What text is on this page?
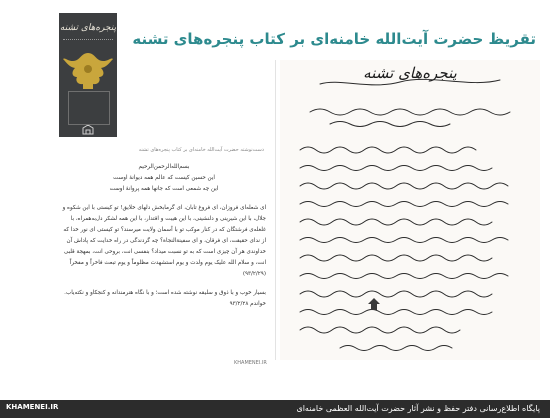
تقریظ حضرت آیت‌الله خامنه‌ای بر کتاب پنجره‌های تشنه
پنجره‌های تشنه
دست‌نوشته حضرت آیت‌الله خامنه‌ای بر کتاب پنجره‌های تشنه

بسم‌الله‌الرحمن‌الرحیم

این حسین کیست که عالم همه دیوانهٔ اوست

این چه شمعی است که جانها همه پروانهٔ اوست

ای شعله‌ای فروزان، ای فروغ تابان، ای گرمابخش دلهای خلایق! تو کیستی با این شکوه و جلال، با این شیرینی و دلنشینی، با این هیبت و اقتدار، با این همه لشکر دل‌به‌همراه، با غلغله‌ی فرشتگان که در کنار موکب تو با آسمان ولایت میرسند؟ تو کیستی ای نور خدا که از ندای حقیقت، ای فرقان، و ای سفینة‌النجاة؟ چه گردندگی در راه خدایت که پاداش آن خداوندی هر آن چیزی است که به تو نسبت میداد؟ بنفسی انت، بروحی انت، بمهجة قلبی انت، و سلام الله علیک یوم ولدت و یوم استشهدت مظلوماً و یوم تبعث فاخراً و مفخراً (۹۳/۲/۲۹)

بسیار خوب و با ذوق و سلیقه نوشته شده است؛ و با نگاه هنرمندانه و کنجکاو و نکته‌یاب. خواندم ۹۳/۲/۲۸

پنجره‌های تشنه
KHAMENEI.IR
KHAMENEI.IR	پایگاه اطلاع‌رسانی دفتر حفظ و نشر آثار حضرت آیت‌الله العظمی خامنه‌ای
